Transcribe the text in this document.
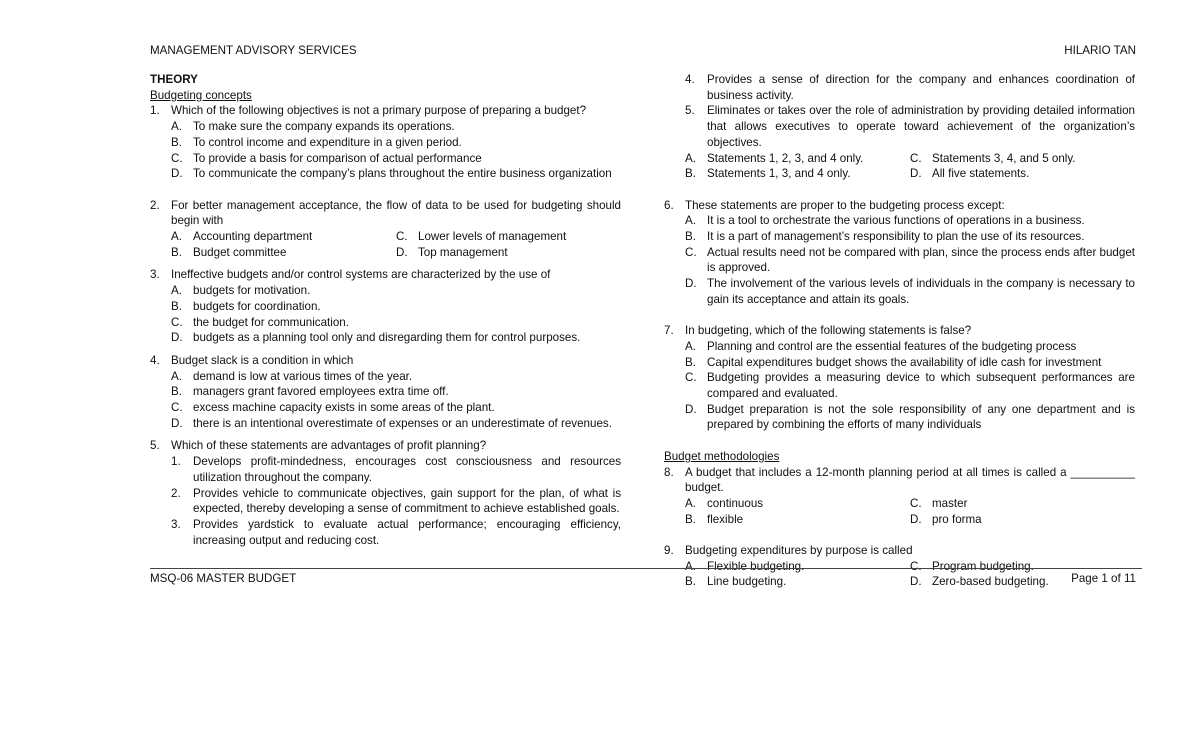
MANAGEMENT ADVISORY SERVICES	HILARIO TAN
THEORY
Budgeting concepts
1. Which of the following objectives is not a primary purpose of preparing a budget?
A. To make sure the company expands its operations.
B. To control income and expenditure in a given period.
C. To provide a basis for comparison of actual performance
D. To communicate the company’s plans throughout the entire business organization
2. For better management acceptance, the flow of data to be used for budgeting should begin with
A. Accounting department	C. Lower levels of management
B. Budget committee	D. Top management
3. Ineffective budgets and/or control systems are characterized by the use of
A. budgets for motivation.
B. budgets for coordination.
C. the budget for communication.
D. budgets as a planning tool only and disregarding them for control purposes.
4. Budget slack is a condition in which
A. demand is low at various times of the year.
B. managers grant favored employees extra time off.
C. excess machine capacity exists in some areas of the plant.
D. there is an intentional overestimate of expenses or an underestimate of revenues.
5. Which of these statements are advantages of profit planning?
1.	Develops profit-mindedness, encourages cost consciousness and resources utilization throughout the company.
2.	Provides vehicle to communicate objectives, gain support for the plan, of what is expected, thereby developing a sense of commitment to achieve established goals.
3.	Provides yardstick to evaluate actual performance; encouraging efficiency, increasing output and reducing cost.
4.	Provides a sense of direction for the company and enhances coordination of business activity.
5.	Eliminates or takes over the role of administration by providing detailed information that allows executives to operate toward achievement of the organization’s objectives.
A. Statements 1, 2, 3, and 4 only.	C. Statements 3, 4, and 5 only.
B. Statements 1, 3, and 4 only.	D. All five statements.
6. These statements are proper to the budgeting process except:
A. It is a tool to orchestrate the various functions of operations in a business.
B. It is a part of management’s responsibility to plan the use of its resources.
C. Actual results need not be compared with plan, since the process ends after budget is approved.
D. The involvement of the various levels of individuals in the company is necessary to gain its acceptance and attain its goals.
7. In budgeting, which of the following statements is false?
A. Planning and control are the essential features of the budgeting process
B. Capital expenditures budget shows the availability of idle cash for investment
C. Budgeting provides a measuring device to which subsequent performances are compared and evaluated.
D. Budget preparation is not the sole responsibility of any one department and is prepared by combining the efforts of many individuals
Budget methodologies
8. A budget that includes a 12-month planning period at all times is called a __________ budget.
A. continuous	C. master
B. flexible	D. pro forma
9. Budgeting expenditures by purpose is called
A. Flexible budgeting.	C. Program budgeting.
B. Line budgeting.	D. Zero-based budgeting.
MSQ-06 MASTER BUDGET	Page 1 of 11
